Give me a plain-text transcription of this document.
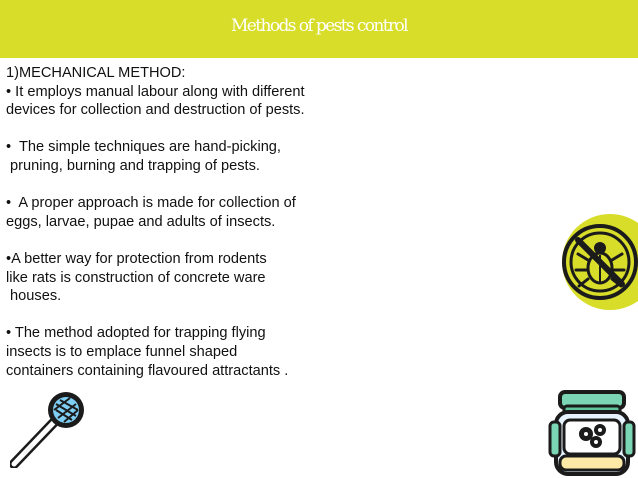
Methods of pests control
1)MECHANICAL METHOD:
• It employs manual labour along with different
devices for collection and destruction of pests.
•  The simple techniques are hand-picking,
pruning, burning and trapping of pests.
•  A proper approach is made for collection of
eggs, larvae, pupae and adults of insects.
•A better way for protection from rodents
like rats is construction of concrete ware
houses.
• The method adopted for trapping flying
insects is to emplace funnel shaped
containers containing flavoured attractants .
